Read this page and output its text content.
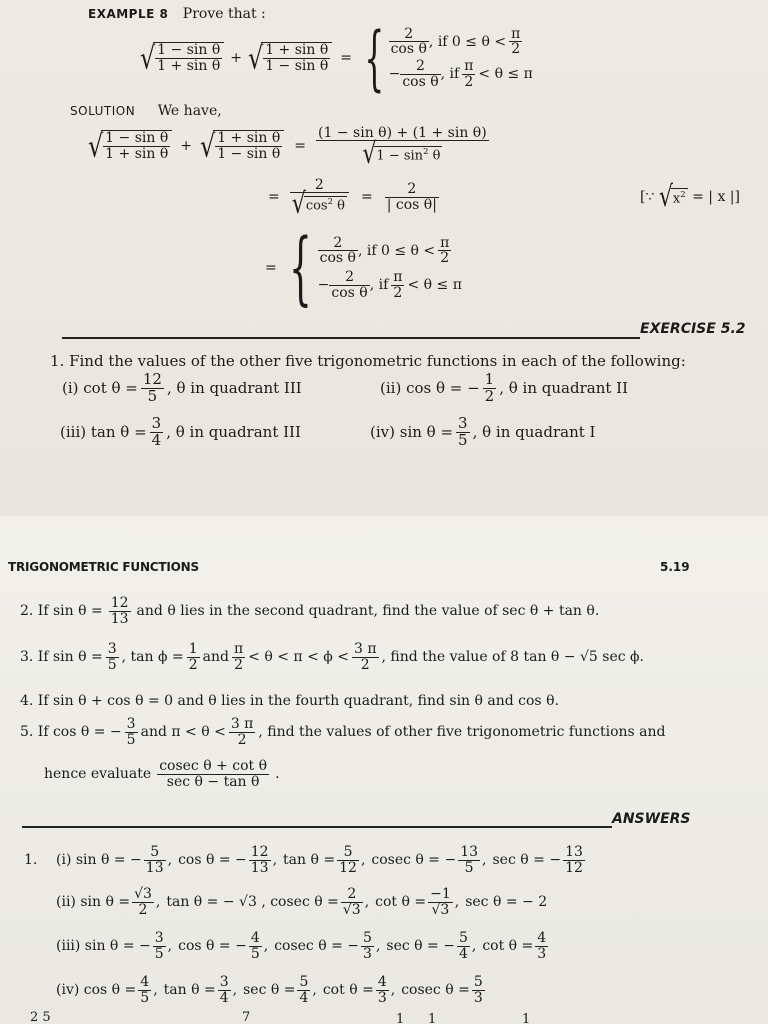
EXAMPLE 8 Prove that :
√ $\frac{\text{1 − sin θ}}{\text{1 + sin θ}}$ + √ $\frac{\text{1 + sin θ}}{\text{1 − sin θ}}$ = { $\frac{2}{\text{cos θ}}$ , if $0 \le \theta < \frac{\pi}{2}$
− $\frac{2}{\text{cos θ}}$ , if $\frac{\pi}{2} < \theta \le \pi$
SOLUTION We have,
√ $\frac{\text{1 − sin θ}}{\text{1 + sin θ}}$ + √ $\frac{\text{1 + sin θ}}{\text{1 − sin θ}} = \frac{\text{(1 − sin θ) + (1 + sin θ)}}{√1 - \sin^2 \theta}$
= $\frac{2}{√\cos^2 \theta} = \frac{2}{\text{| cos θ|}}$	[∵ $√x^2$ = | x |]
= { $\frac{2}{\text{cos θ}}$ , if $0 \le \theta < \frac{\pi}{2}$
− $\frac{2}{\text{cos θ}}$ , if $\frac{\pi}{2} < \theta \le \pi$
EXERCISE 5.2
1. Find the values of the other five trigonometric functions in each of the following:
(i) $\cot \theta = \frac{12}{5}$ , θ in quadrant III	(ii) cos θ = − $\frac{1}{2}$ , θ in quadrant II
(iii) $\tan \theta = \frac{3}{4}$ , θ in quadrant III	(iv) $\sin \theta = \frac{3}{5}$ , θ in quadrant I
TRIGONOMETRIC FUNCTIONS	5.19
2. If $\sin \theta = \frac{12}{13}$ and θ lies in the second quadrant, find the value of sec θ + tan θ.
3. If $\sin \theta = \frac{3}{5}$ , $\tan \phi = \frac{1}{2}$ and $\frac{\pi}{2} < \theta < \pi < \phi < \frac{3 \pi}{2}$ , find the value of 8 tan θ − √5 sec ϕ.
4. If sin θ + cos θ = 0 and θ lies in the fourth quadrant, find sin θ and cos θ.
5. If cos θ = − $\frac{3}{5}$ and $\pi < \theta < \frac{3 \pi}{2}$ , find the values of other five trigonometric functions and
hence evaluate $\frac{\text{cosec θ + cot θ}}{\text{sec θ − tan θ}}$ .
ANSWERS
1. (i) sin θ = − $\frac{5}{13}$ , cos θ = − $\frac{12}{13}$ , $\tan \theta = \frac{5}{12}$ , cosec θ = − $\frac{13}{5}$ , sec θ = − $\frac{13}{12}$
(ii) $\sin \theta = \frac{√3}{2}$ , tan θ = − √3 , cosec $\theta = \frac{2}{√3}$ , $\cot \theta = \frac{-1}{√3}$ , sec θ = − 2
(iii) sin θ = − $\frac{3}{5}$ , cos θ = − $\frac{4}{5}$ , cosec θ = − $\frac{5}{3}$ , sec θ = − $\frac{5}{4}$ , $\cot \theta = \frac{4}{3}$
(iv) $\cos \theta = \frac{4}{5}$ , $\tan \theta = \frac{3}{4}$ , $\sec \theta = \frac{5}{4}$ , $\cot \theta = \frac{4}{3}$ , cosec $\theta = \frac{5}{3}$
2 5	7	1 1	1
